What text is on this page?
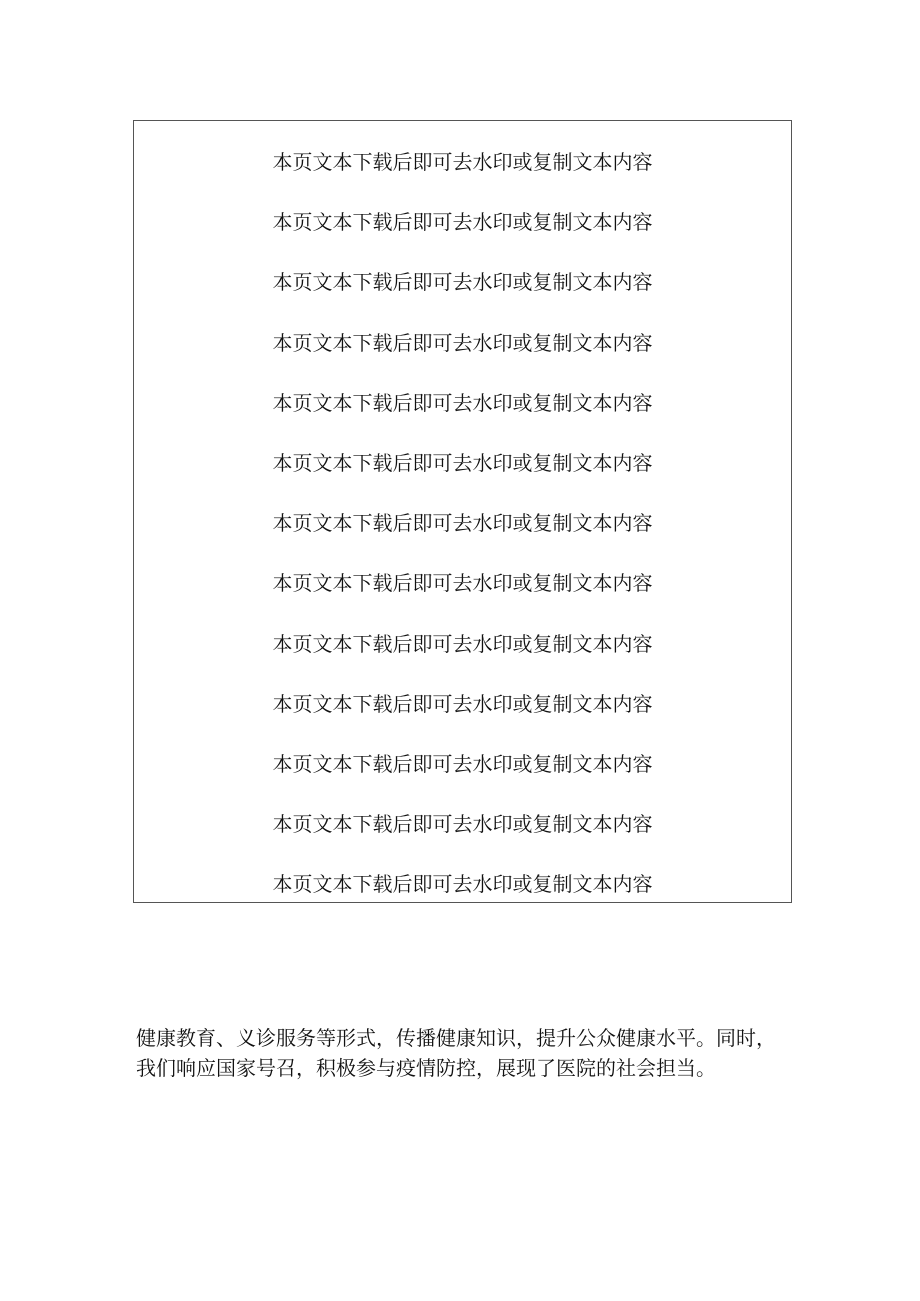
本页文本下载后即可去水印或复制文本内容
本页文本下载后即可去水印或复制文本内容
本页文本下载后即可去水印或复制文本内容
本页文本下载后即可去水印或复制文本内容
本页文本下载后即可去水印或复制文本内容
本页文本下载后即可去水印或复制文本内容
本页文本下载后即可去水印或复制文本内容
本页文本下载后即可去水印或复制文本内容
本页文本下载后即可去水印或复制文本内容
本页文本下载后即可去水印或复制文本内容
本页文本下载后即可去水印或复制文本内容
本页文本下载后即可去水印或复制文本内容
本页文本下载后即可去水印或复制文本内容

健康教育、义诊服务等形式，传播健康知识，提升公众健康水平。同时，我们响应国家号召，积极参与疫情防控，展现了医院的社会担当。
